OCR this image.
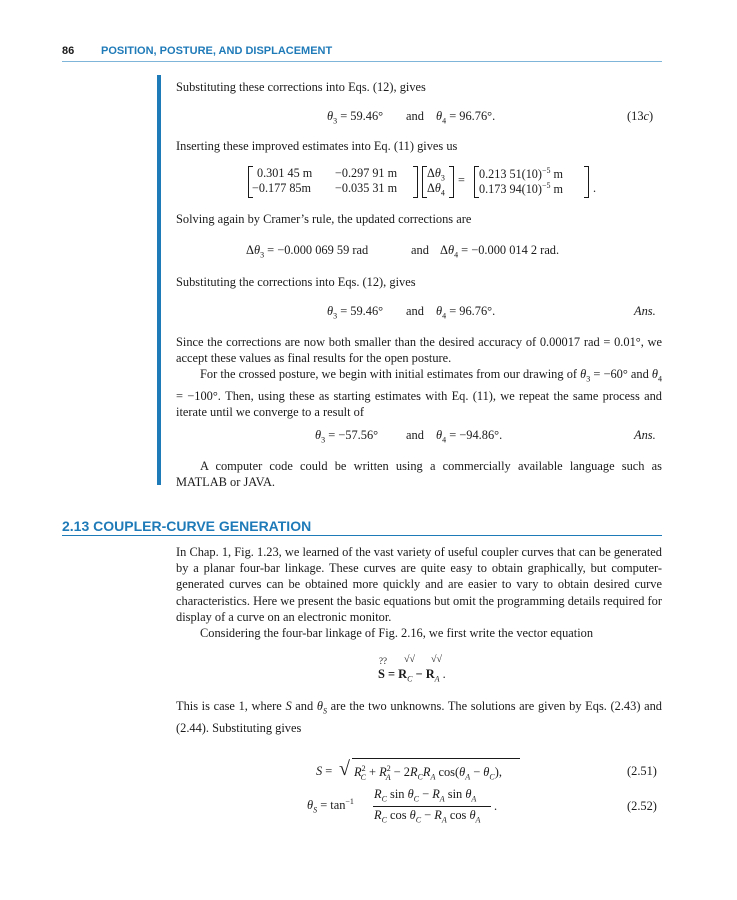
86 POSITION, POSTURE, AND DISPLACEMENT
Substituting these corrections into Eqs. (12), gives
$\theta_3 = 59.46^\circ$ and $\theta_4 = 96.76^\circ$.	(13c)
Inserting these improved estimates into Eq. (11) gives us
0.301 45 m −0.297 91 m
−0.177 85m −0.035 31 m
$\Delta\theta_3$
$\Delta\theta_4$
= 0.213 $51(10)^{-5}$ m
0.173 $94(10)^{-5}$ m .
Solving again by Cramer’s rule, the updated corrections are
$\Delta\theta_3 = -0.000$ 069 59 rad	and $\Delta\theta_4 = -0.000$ 014 2 rad.
Substituting the corrections into Eqs. (12), gives
$\theta_3 = 59.46^\circ$ and $\theta_4 = 96.76^\circ$.	Ans.
Since the corrections are now both smaller than the desired accuracy of 0.00017 rad = 0.01°, we accept these values as final results for the open posture.
For the crossed posture, we begin with initial estimates from our drawing of $\theta_3 = -60^\circ$ and $\theta_4 = -100^\circ$. Then, using these as starting estimates with Eq. (11), we repeat the same process and iterate until we converge to a result of
$\theta_3 = -57.56^\circ$ and $\theta_4 = -94.86^\circ$.	Ans.
A computer code could be written using a commercially available language such as MATLAB or JAVA.
2.13 COUPLER-CURVE GENERATION
In Chap. 1, Fig. 1.23, we learned of the vast variety of useful coupler curves that can be generated by a planar four-bar linkage. These curves are quite easy to obtain graphically, but computer-generated curves can be obtained more quickly and are easier to vary to obtain desired curve characteristics. Here we present the basic equations but omit the programming details required for display of a curve on an electronic monitor.
Considering the four-bar linkage of Fig. 2.16, we first write the vector equation
?? √√ √√
$S = R_C - R_A$ .
This is case 1, where S and $\theta_S$ are the two unknowns. The solutions are given by Eqs. (2.43) and (2.44). Substituting gives
S = √ $R^2_C + R^2_A - 2R_CR_A$ $\cos(\theta_A - \theta_C)$,	(2.51)
$\theta_S = \tan^{-1}$
$R_C$ $\sin \theta_C - R_A$ $\sin \theta_A$
$R_C$ $\cos \theta_C - R_A$ $\cos \theta_A$
.	(2.52)
